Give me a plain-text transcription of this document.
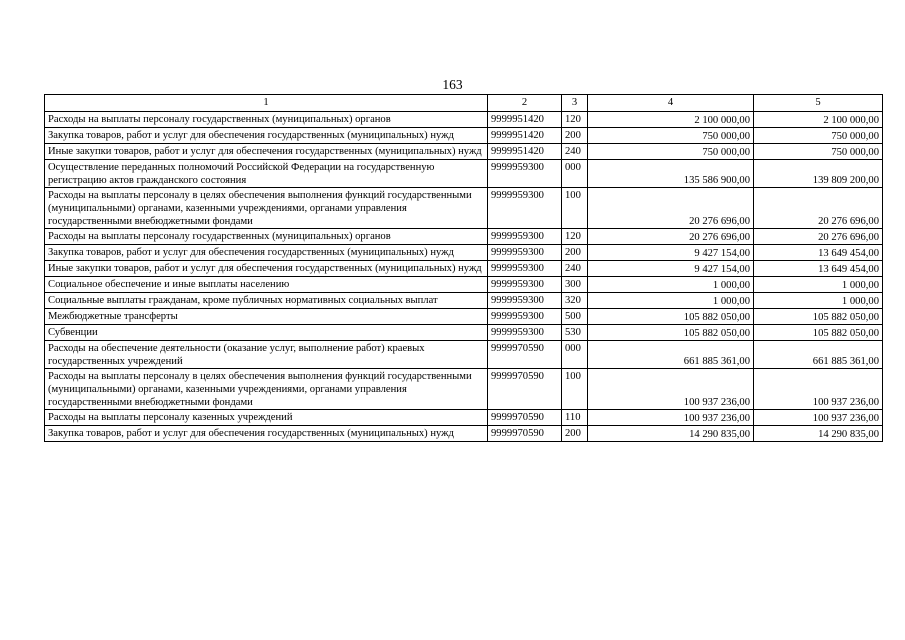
163
1	2	3	4	5
Расходы на выплаты персоналу государственных (муниципальных) органов	9999951420	120	2 100 000,00	2 100 000,00
Закупка товаров, работ и услуг для обеспечения государственных (муниципальных) нужд	9999951420	200	750 000,00	750 000,00
Иные закупки товаров, работ и услуг для обеспечения государственных (муниципальных) нужд	9999951420	240	750 000,00	750 000,00
Осуществление переданных полномочий Российской Федерации на государственную регистрацию актов гражданского состояния	9999959300	000	135 586 900,00	139 809 200,00
Расходы на выплаты персоналу в целях обеспечения выполнения функций государственными (муниципальными) органами, казенными учреждениями, органами управления государственными внебюджетными фондами	9999959300	100	20 276 696,00	20 276 696,00
Расходы на выплаты персоналу государственных (муниципальных) органов	9999959300	120	20 276 696,00	20 276 696,00
Закупка товаров, работ и услуг для обеспечения государственных (муниципальных) нужд	9999959300	200	9 427 154,00	13 649 454,00
Иные закупки товаров, работ и услуг для обеспечения государственных (муниципальных) нужд	9999959300	240	9 427 154,00	13 649 454,00
Социальное обеспечение и иные выплаты населению	9999959300	300	1 000,00	1 000,00
Социальные выплаты гражданам, кроме публичных нормативных социальных выплат	9999959300	320	1 000,00	1 000,00
Межбюджетные трансферты	9999959300	500	105 882 050,00	105 882 050,00
Субвенции	9999959300	530	105 882 050,00	105 882 050,00
Расходы на обеспечение деятельности (оказание услуг, выполнение работ) краевых государственных учреждений	9999970590	000	661 885 361,00	661 885 361,00
Расходы на выплаты персоналу в целях обеспечения выполнения функций государственными (муниципальными) органами, казенными учреждениями, органами управления государственными внебюджетными фондами	9999970590	100	100 937 236,00	100 937 236,00
Расходы на выплаты персоналу казенных учреждений	9999970590	110	100 937 236,00	100 937 236,00
Закупка товаров, работ и услуг для обеспечения государственных (муниципальных) нужд	9999970590	200	14 290 835,00	14 290 835,00
